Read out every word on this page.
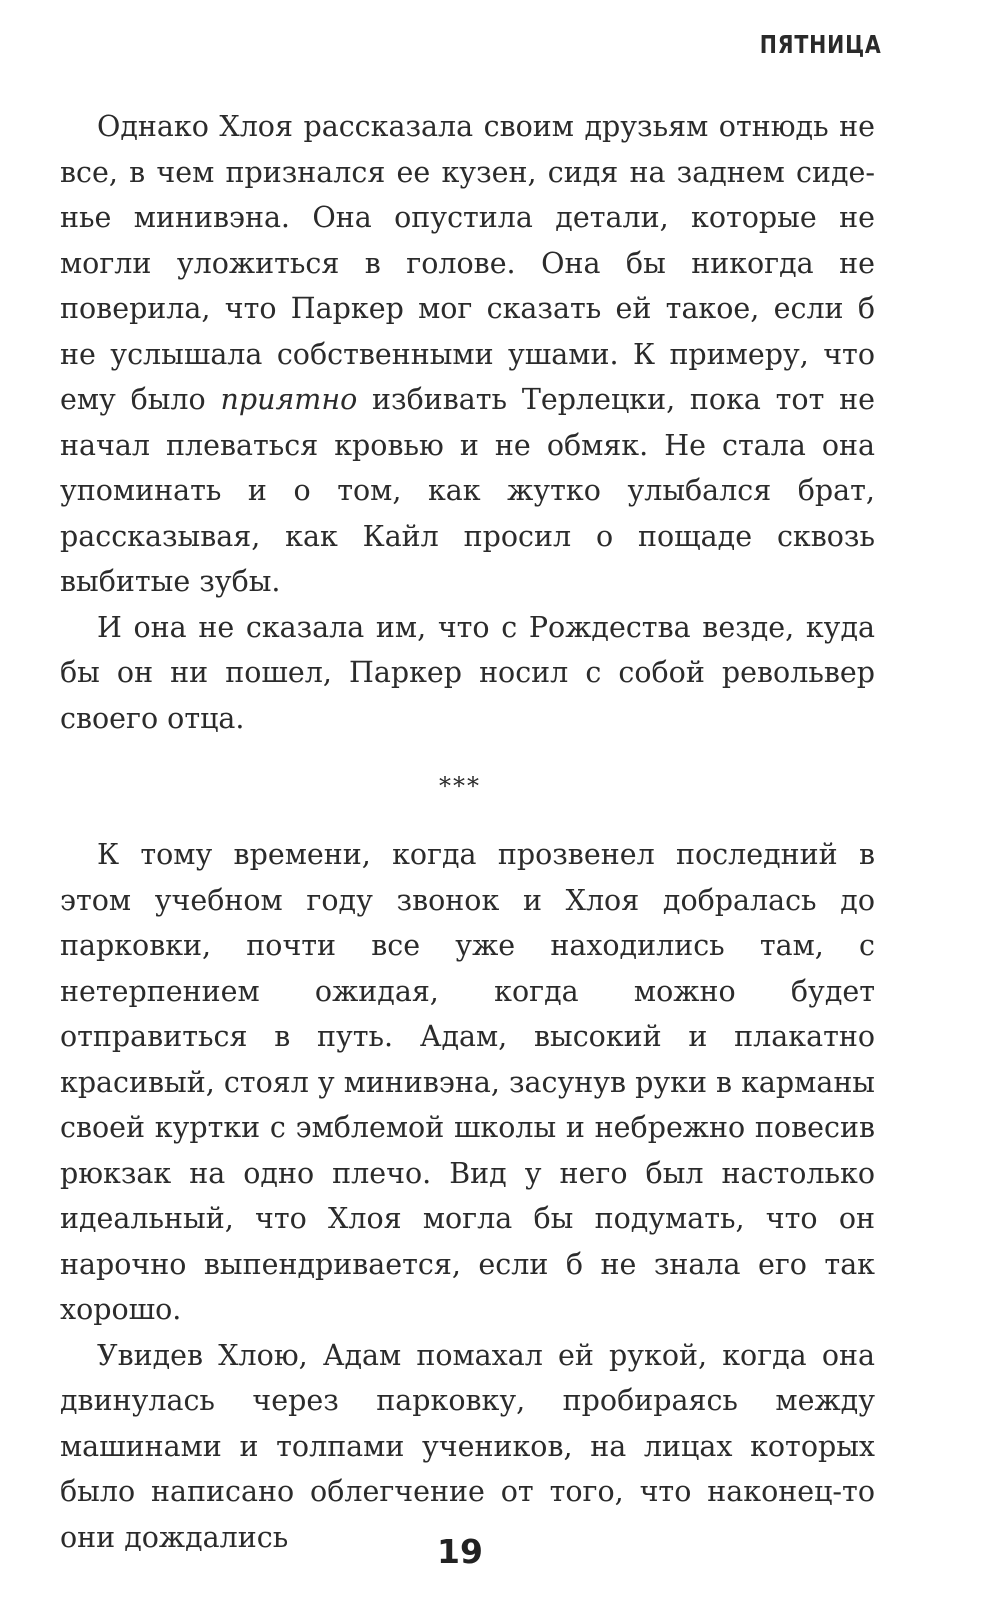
ПЯТНИЦА

Однако Хлоя рассказала своим друзьям отнюдь не все, в чем признался ее кузен, сидя на заднем сиденье минивэна. Она опустила детали, которые не могли уложиться в голове. Она бы никогда не поверила, что Паркер мог сказать ей такое, если б не услышала собственными ушами. К примеру, что ему было приятно избивать Терлецки, пока тот не начал плеваться кровью и не обмяк. Не стала она упоминать и о том, как жутко улыбался брат, рассказывая, как Кайл просил о пощаде сквозь выбитые зубы.

И она не сказала им, что с Рождества везде, куда бы он ни пошел, Паркер носил с собой револьвер своего отца.

***

К тому времени, когда прозвенел последний в этом учебном году звонок и Хлоя добралась до парковки, почти все уже находились там, с нетерпением ожидая, когда можно будет отправиться в путь. Адам, высокий и плакатно красивый, стоял у минивэна, засунув руки в карманы своей куртки с эмблемой школы и небрежно повесив рюкзак на одно плечо. Вид у него был настолько идеальный, что Хлоя могла бы подумать, что он нарочно выпендривается, если б не знала его так хорошо.

Увидев Хлою, Адам помахал ей рукой, когда она двинулась через парковку, пробираясь между машинами и толпами учеников, на лицах которых было написано облегчение от того, что наконец-то они дождались	19
